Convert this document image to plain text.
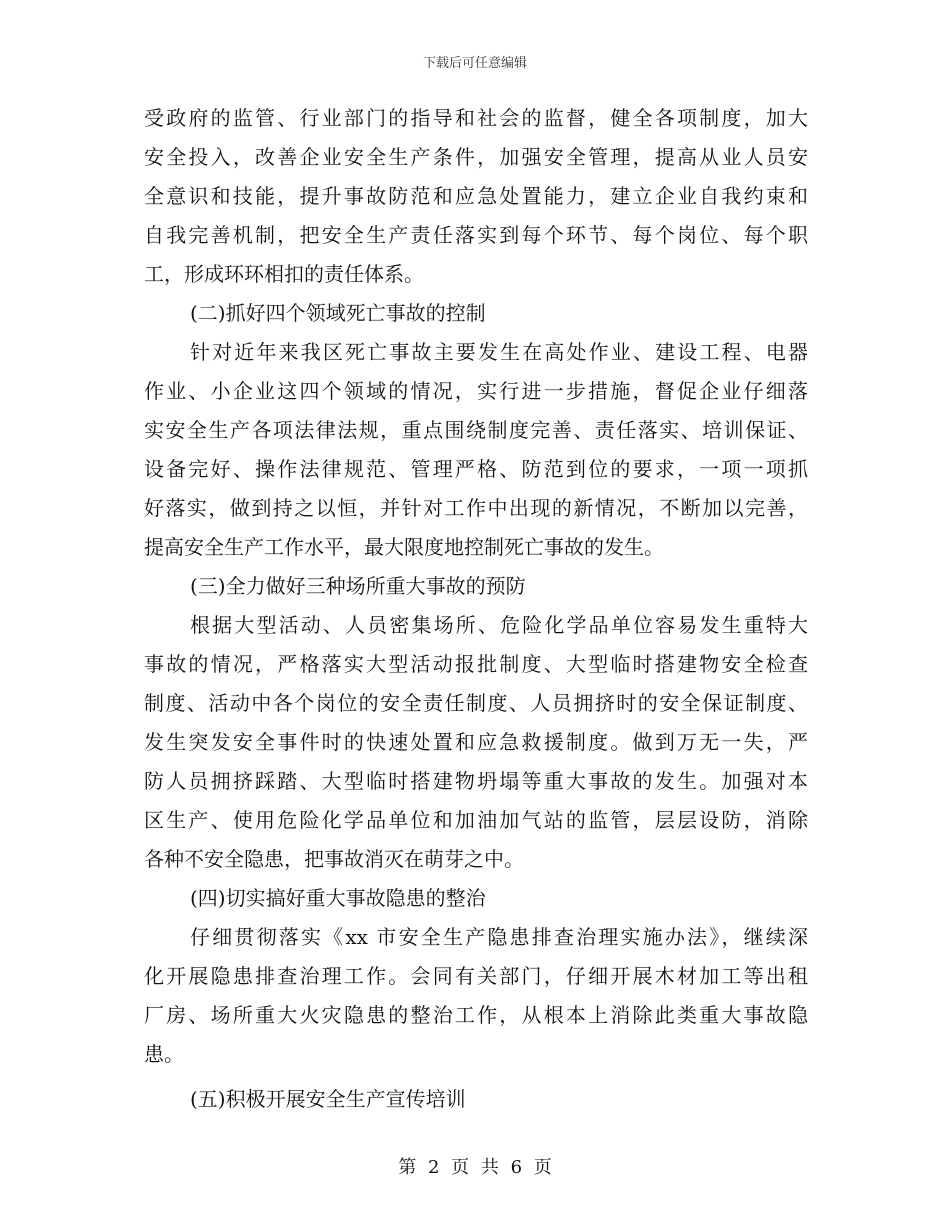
下载后可任意编辑
受政府的监管、行业部门的指导和社会的监督，健全各项制度，加大
安全投入，改善企业安全生产条件，加强安全管理，提高从业人员安
全意识和技能，提升事故防范和应急处置能力，建立企业自我约束和
自我完善机制，把安全生产责任落实到每个环节、每个岗位、每个职
工，形成环环相扣的责任体系。
(二)抓好四个领域死亡事故的控制
针对近年来我区死亡事故主要发生在高处作业、建设工程、电器
作业、小企业这四个领域的情况，实行进一步措施，督促企业仔细落
实安全生产各项法律法规，重点围绕制度完善、责任落实、培训保证、
设备完好、操作法律规范、管理严格、防范到位的要求，一项一项抓
好落实，做到持之以恒，并针对工作中出现的新情况，不断加以完善，
提高安全生产工作水平，最大限度地控制死亡事故的发生。
(三)全力做好三种场所重大事故的预防
根据大型活动、人员密集场所、危险化学品单位容易发生重特大
事故的情况，严格落实大型活动报批制度、大型临时搭建物安全检查
制度、活动中各个岗位的安全责任制度、人员拥挤时的安全保证制度、
发生突发安全事件时的快速处置和应急救援制度。做到万无一失，严
防人员拥挤踩踏、大型临时搭建物坍塌等重大事故的发生。加强对本
区生产、使用危险化学品单位和加油加气站的监管，层层设防，消除
各种不安全隐患，把事故消灭在萌芽之中。
(四)切实搞好重大事故隐患的整治
仔细贯彻落实《xx 市安全生产隐患排查治理实施办法》，继续深
化开展隐患排查治理工作。会同有关部门，仔细开展木材加工等出租
厂房、场所重大火灾隐患的整治工作，从根本上消除此类重大事故隐
患。
(五)积极开展安全生产宣传培训
第 2 页 共 6 页
